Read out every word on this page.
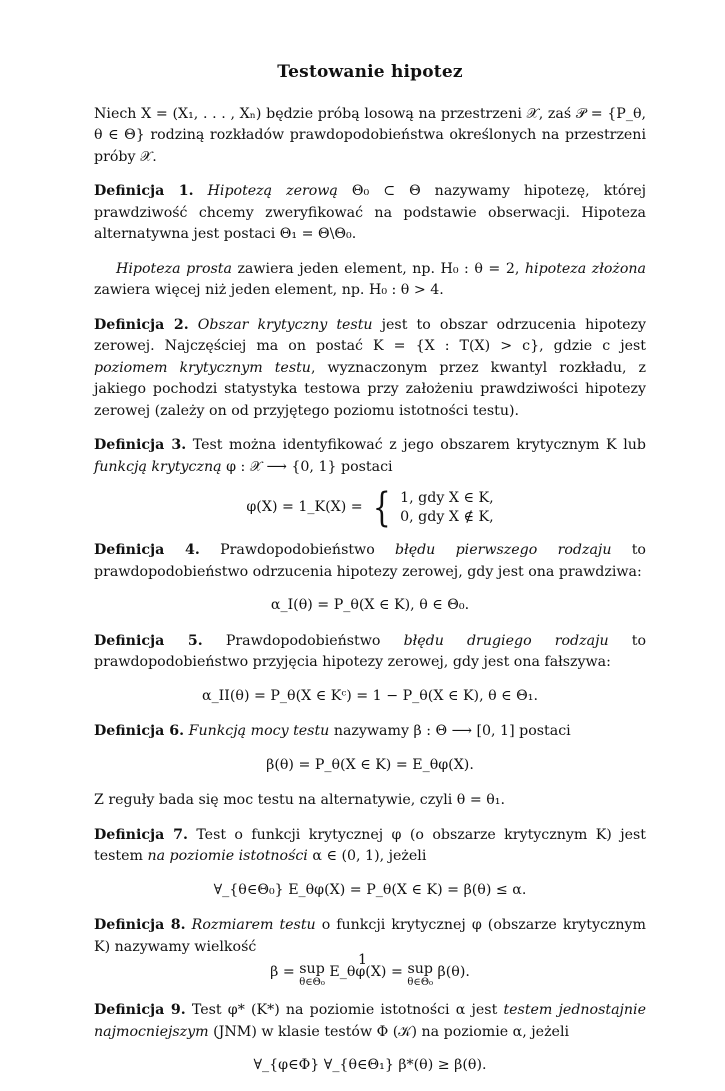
Testowanie hipotez

Niech X = (X₁, . . . , Xₙ) będzie próbą losową na przestrzeni 𝒳, zaś 𝒫 = {P_θ, θ ∈ Θ} rodziną rozkładów prawdopodobieństwa określonych na przestrzeni próby 𝒳.

Definicja 1. Hipotezą zerową Θ₀ ⊂ Θ nazywamy hipotezę, której prawdziwość chcemy zweryfikować na podstawie obserwacji. Hipoteza alternatywna jest postaci Θ₁ = Θ\Θ₀.

Hipoteza prosta zawiera jeden element, np. H₀ : θ = 2, hipoteza złożona zawiera więcej niż jeden element, np. H₀ : θ > 4.

Definicja 2. Obszar krytyczny testu jest to obszar odrzucenia hipotezy zerowej. Najczęściej ma on postać K = {X : T(X) > c}, gdzie c jest poziomem krytycznym testu, wyznaczonym przez kwantyl rozkładu, z jakiego pochodzi statystyka testowa przy założeniu prawdziwości hipotezy zerowej (zależy on od przyjętego poziomu istotności testu).

Definicja 3. Test można identyfikować z jego obszarem krytycznym K lub funkcją krytyczną φ : 𝒳 ⟶ {0, 1} postaci

φ(X) = 1_K(X) = { 1, gdy X ∈ K,
0, gdy X ∉ K,

Definicja 4. Prawdopodobieństwo błędu pierwszego rodzaju to prawdopodobieństwo odrzucenia hipotezy zerowej, gdy jest ona prawdziwa:

α_I(θ) = P_θ(X ∈ K), θ ∈ Θ₀.

Definicja 5. Prawdopodobieństwo błędu drugiego rodzaju to prawdopodobieństwo przyjęcia hipotezy zerowej, gdy jest ona fałszywa:

α_II(θ) = P_θ(X ∈ Kᶜ) = 1 − P_θ(X ∈ K), θ ∈ Θ₁.

Definicja 6. Funkcją mocy testu nazywamy β : Θ ⟶ [0, 1] postaci

β(θ) = P_θ(X ∈ K) = E_θφ(X).

Z reguły bada się moc testu na alternatywie, czyli θ = θ₁.

Definicja 7. Test o funkcji krytycznej φ (o obszarze krytycznym K) jest testem na poziomie istotności α ∈ (0, 1), jeżeli

∀_{θ∈Θ₀} E_θφ(X) = P_θ(X ∈ K) = β(θ) ≤ α.

Definicja 8. Rozmiarem testu o funkcji krytycznej φ (obszarze krytycznym K) nazywamy wielkość

β = sup
θ∈Θ₀
E_θφ(X) = sup
θ∈Θ₀
β(θ).

Definicja 9. Test φ* (K*) na poziomie istotności α jest testem jednostajnie najmocniejszym (JNM) w klasie testów Φ (𝒦) na poziomie α, jeżeli

∀_{φ∈Φ} ∀_{θ∈Θ₁} β*(θ) ≥ β(θ).
1
